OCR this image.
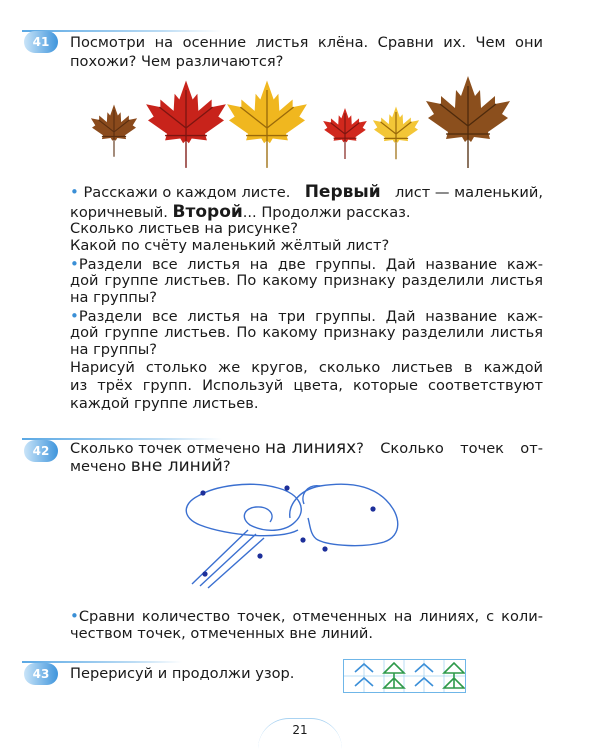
41	Посмотри на осенние листья клёна. Сравни их. Чем они
похожи? Чем различаются?
• Расскажи о каждом листе. Первый лист — маленький,
коричневый. Второй... Продолжи рассказ.
Сколько листьев на рисунке?
Какой по счёту маленький жёлтый лист?
•Раздели все листья на две группы. Дай название каж-
дой группе листьев. По какому признаку разделили листья
на группы?
•Раздели все листья на три группы. Дай название каж-
дой группе листьев. По какому признаку разделили листья
на группы?
Нарисуй столько же кругов, сколько листьев в каждой
из трёх групп. Используй цвета, которые соответствуют
каждой группе листьев.
42	Сколько точек отмечено
на линиях ? Сколько точек от-
мечено вне линий?
•Сравни количество точек, отмеченных на линиях, с коли-
чеством точек, отмеченных вне линий.
43	Перерисуй и продолжи узор.
21
